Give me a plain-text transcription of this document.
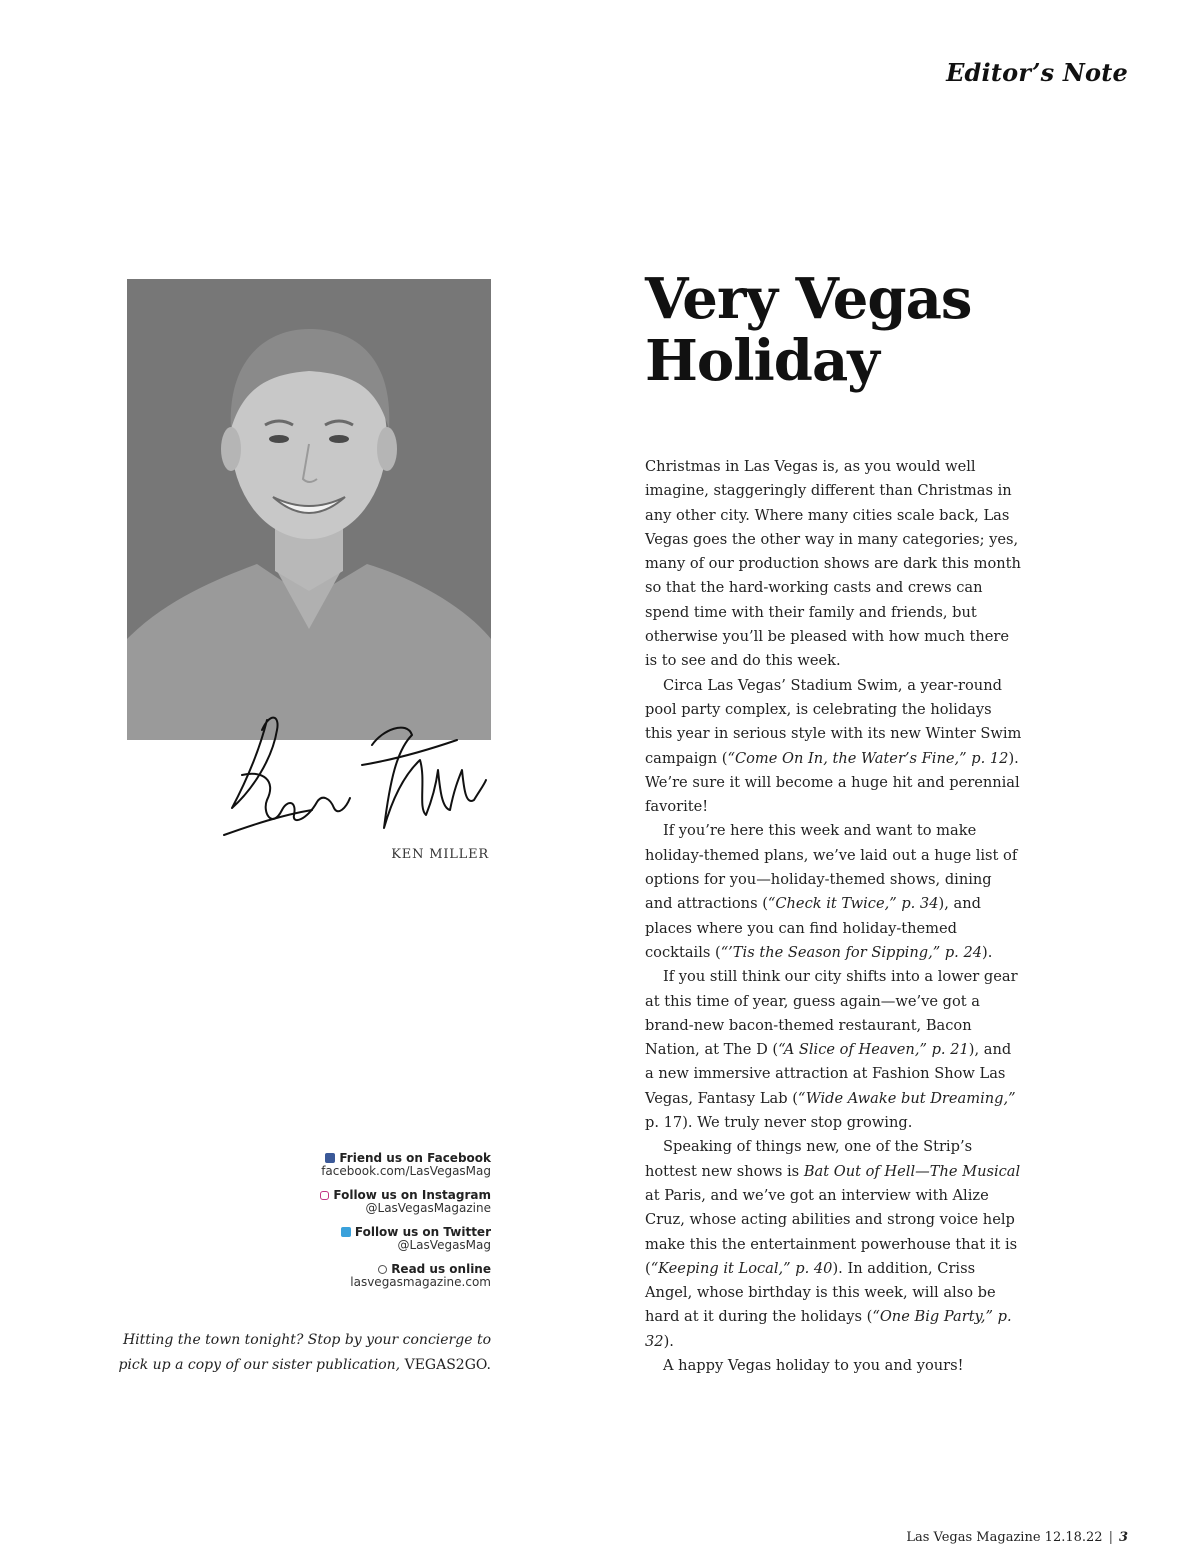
Editor’s Note

KEN MILLER

Very Vegas Holiday

Christmas in Las Vegas is, as you would well imagine, staggeringly different than Christmas in any other city. Where many cities scale back, Las Vegas goes the other way in many categories; yes, many of our production shows are dark this month so that the hard-working casts and crews can spend time with their family and friends, but otherwise you’ll be pleased with how much there is to see and do this week.

Circa Las Vegas’ Stadium Swim, a year-round pool party complex, is celebrating the holidays this year in serious style with its new Winter Swim campaign (“Come On In, the Water’s Fine,” p. 12). We’re sure it will become a huge hit and perennial favorite!

If you’re here this week and want to make holiday-themed plans, we’ve laid out a huge list of options for you—holiday-themed shows, dining and attractions (“Check it Twice,” p. 34), and places where you can find holiday-themed cocktails (“’Tis the Season for Sipping,” p. 24).

If you still think our city shifts into a lower gear at this time of year, guess again—we’ve got a brand-new bacon-themed restaurant, Bacon Nation, at The D (“A Slice of Heaven,” p. 21), and a new immersive attraction at Fashion Show Las Vegas, Fantasy Lab (“Wide Awake but Dreaming,” p. 17). We truly never stop growing.

Speaking of things new, one of the Strip’s hottest new shows is Bat Out of Hell—The Musical at Paris, and we’ve got an interview with Alize Cruz, whose acting abilities and strong voice help make this the entertainment powerhouse that it is (“Keeping it Local,” p. 40). In addition, Criss Angel, whose birthday is this week, will also be hard at it during the holidays (“One Big Party,” p. 32).

A happy Vegas holiday to you and yours!

Friend us on Facebook
facebook.com/LasVegasMag
Follow us on Instagram
@LasVegasMagazine
Follow us on Twitter
@LasVegasMag
Read us online
lasvegasmagazine.com

Hitting the town tonight? Stop by your concierge to pick up a copy of our sister publication, VEGAS2GO.

Las Vegas Magazine 12.18.22 | 3
